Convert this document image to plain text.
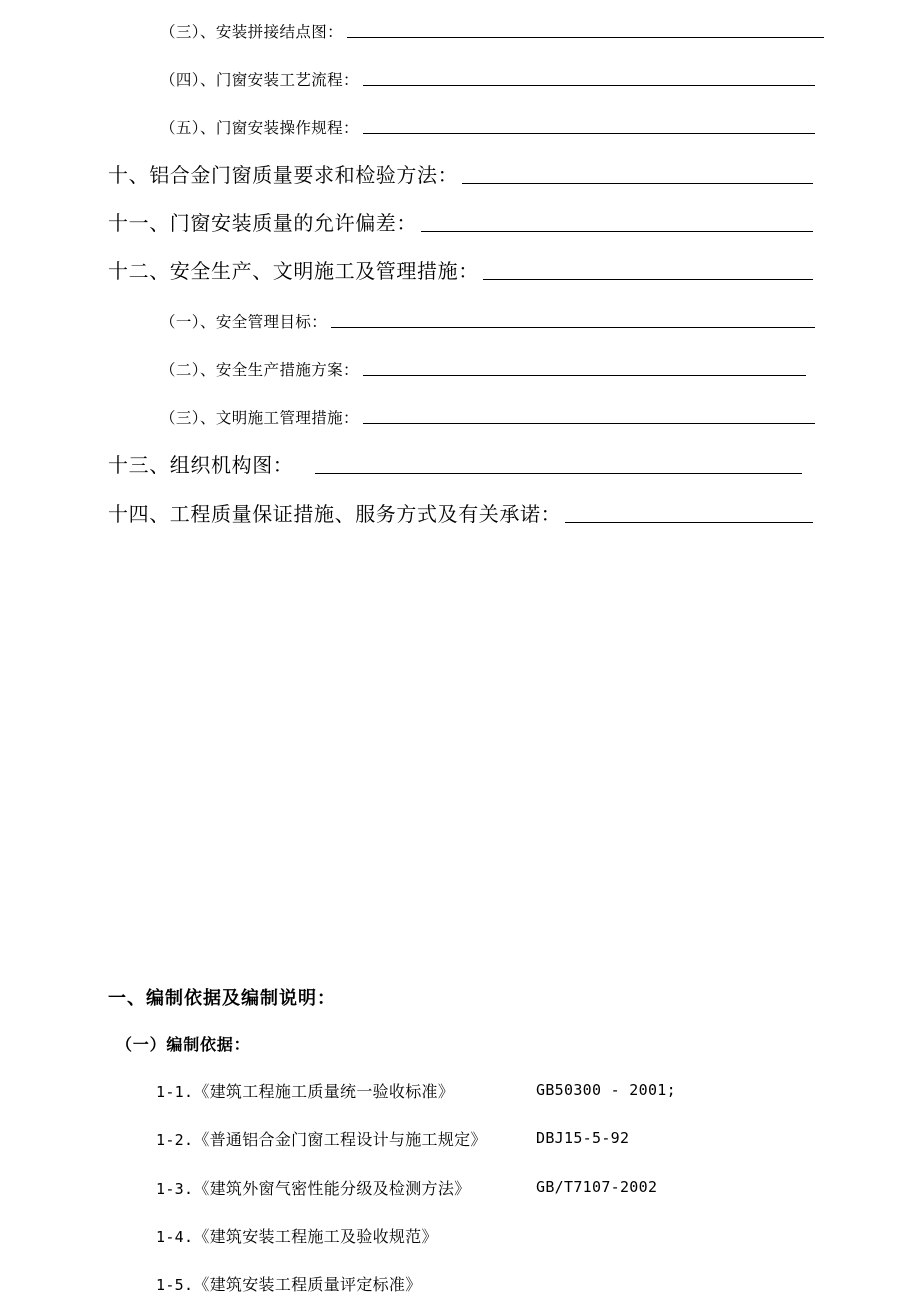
（三）、安装拼接结点图：
（四）、门窗安装工艺流程：
（五）、门窗安装操作规程：
十、铝合金门窗质量要求和检验方法：
十一、门窗安装质量的允许偏差：
十二、安全生产、文明施工及管理措施：
（一）、安全管理目标：
（二）、安全生产措施方案：
（三）、文明施工管理措施：
十三、组织机构图：
十四、工程质量保证措施、服务方式及有关承诺：
一、编制依据及编制说明：
（一）编制依据：
1-1.《建筑工程施工质量统一验收标准》	GB50300 - 2001;
1-2.《普通铝合金门窗工程设计与施工规定》	DBJ15-5-92
1-3.《建筑外窗气密性能分级及检测方法》	GB/T7107-2002
1-4.《建筑安装工程施工及验收规范》
1-5.《建筑安装工程质量评定标准》
